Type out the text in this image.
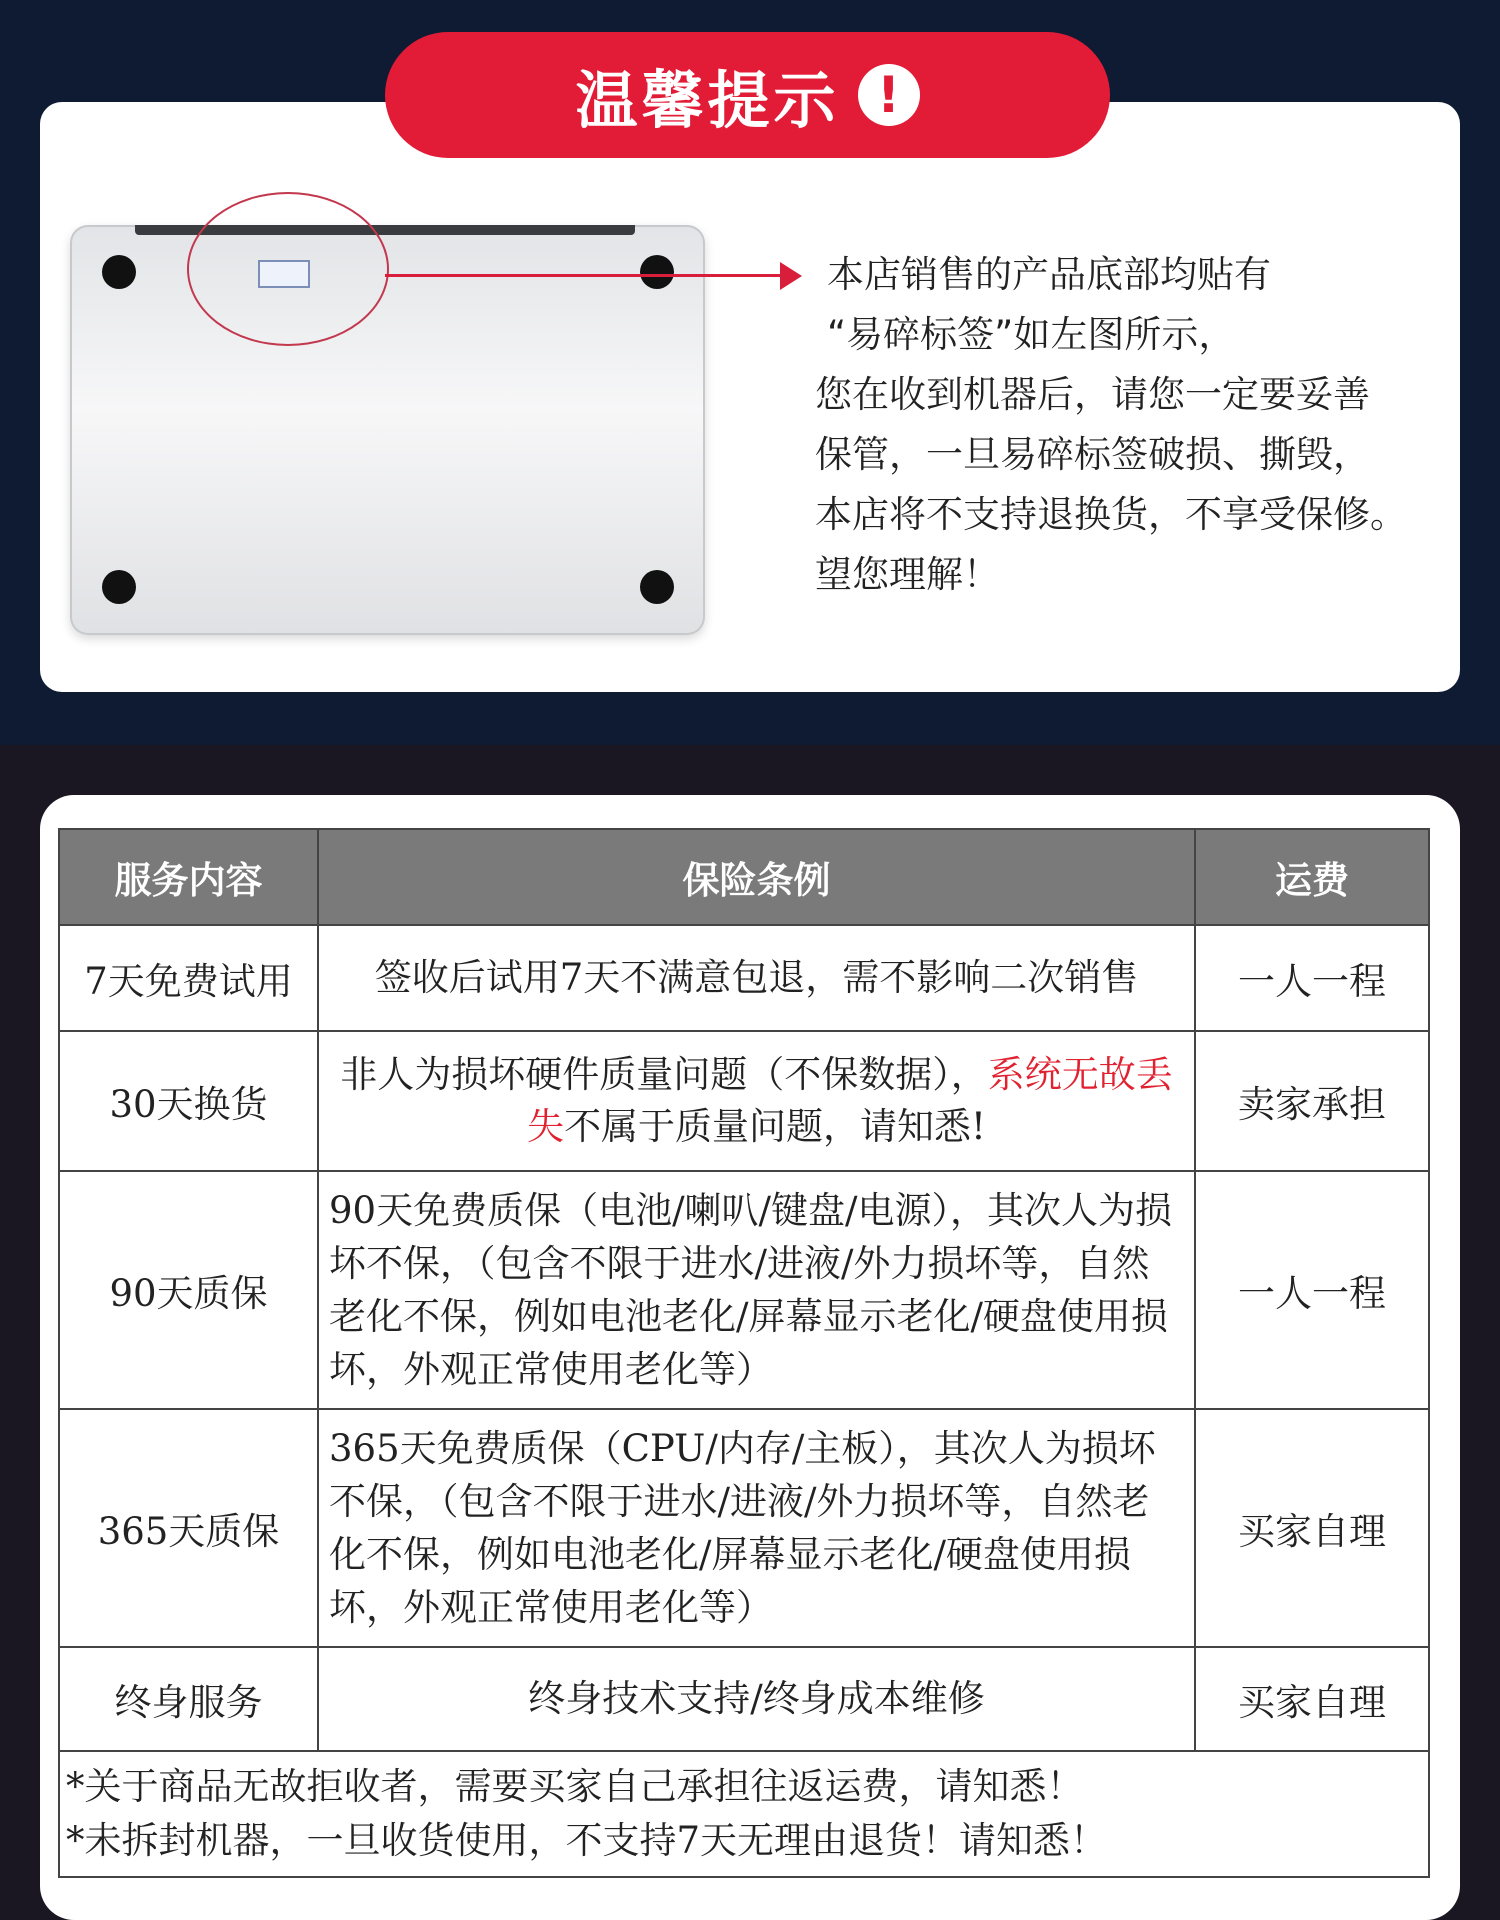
温馨提示 !
本店销售的产品底部均贴有
“易碎标签”如左图所示，
您在收到机器后，请您一定要妥善
保管，一旦易碎标签破损、撕毁，
本店将不支持退换货，不享受保修。
望您理解！
服务内容	保险条例	运费
7天免费试用	签收后试用7天不满意包退，需不影响二次销售	一人一程
30天换货	非人为损坏硬件质量问题（不保数据），系统无故丢失不属于质量问题，请知悉!	卖家承担
90天质保	90天免费质保（电池/喇叭/键盘/电源），其次人为损坏不保，（包含不限于进水/进液/外力损坏等，自然老化不保，例如电池老化/屏幕显示老化/硬盘使用损坏，外观正常使用老化等）	一人一程
365天质保	365天免费质保（CPU/内存/主板），其次人为损坏不保，（包含不限于进水/进液/外力损坏等，自然老化不保，例如电池老化/屏幕显示老化/硬盘使用损坏，外观正常使用老化等）	买家自理
终身服务	终身技术支持/终身成本维修	买家自理

*关于商品无故拒收者，需要买家自己承担往返运费，请知悉！
*未拆封机器，一旦收货使用，不支持7天无理由退货！请知悉！		
